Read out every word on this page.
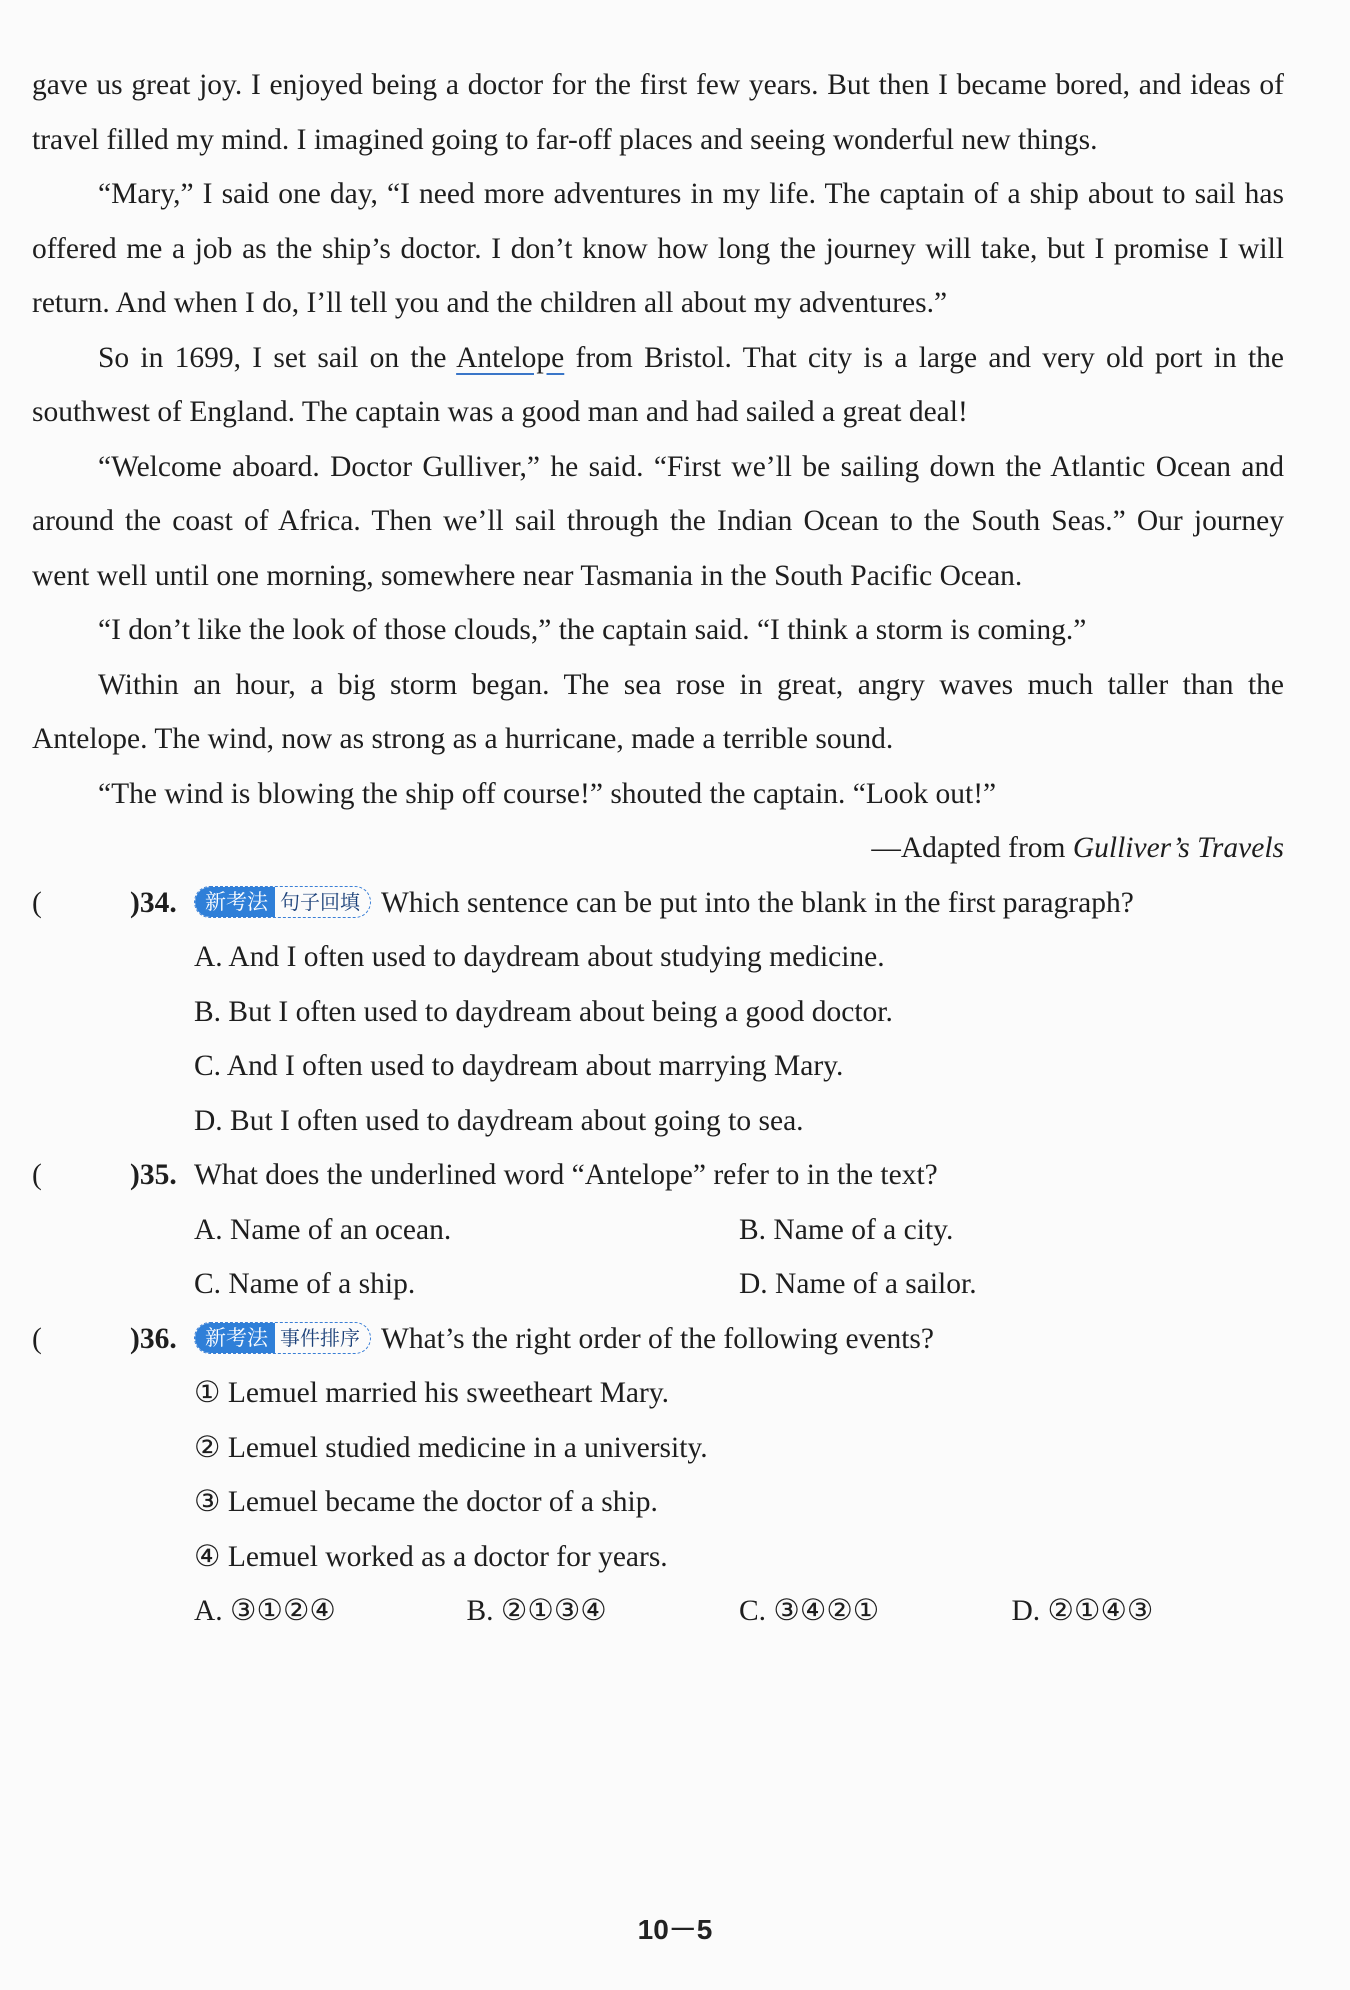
gave us great joy. I enjoyed being a doctor for the first few years. But then I became bored, and ideas of travel filled my mind. I imagined going to far-off places and seeing wonderful new things.

“Mary,” I said one day, “I need more adventures in my life. The captain of a ship about to sail has offered me a job as the ship’s doctor. I don’t know how long the journey will take, but I promise I will return. And when I do, I’ll tell you and the children all about my adventures.”

So in 1699, I set sail on the Antelope from Bristol. That city is a large and very old port in the southwest of England. The captain was a good man and had sailed a great deal!

“Welcome aboard. Doctor Gulliver,” he said. “First we’ll be sailing down the Atlantic Ocean and around the coast of Africa. Then we’ll sail through the Indian Ocean to the South Seas.” Our journey went well until one morning, somewhere near Tasmania in the South Pacific Ocean.

“I don’t like the look of those clouds,” the captain said. “I think a storm is coming.”

Within an hour, a big storm began. The sea rose in great, angry waves much taller than the Antelope. The wind, now as strong as a hurricane, made a terrible sound.

“The wind is blowing the ship off course!” shouted the captain. “Look out!”

—Adapted from Gulliver’s Travels

(	)34.	新考法 句子回填 Which sentence can be put into the blank in the first paragraph?
A. And I often used to daydream about studying medicine.
B. But I often used to daydream about being a good doctor.
C. And I often used to daydream about marrying Mary.
D. But I often used to daydream about going to sea.
(	)35. What does the underlined word “Antelope” refer to in the text?
A. Name of an ocean.	B. Name of a city.
C. Name of a ship.	D. Name of a sailor.
(	)36.	新考法 事件排序 What’s the right order of the following events?
① Lemuel married his sweetheart Mary.
② Lemuel studied medicine in a university.
③ Lemuel became the doctor of a ship.
④ Lemuel worked as a doctor for years.
A. ③①②④	B. ②①③④	C. ③④②①	D. ②①④③
10－5
